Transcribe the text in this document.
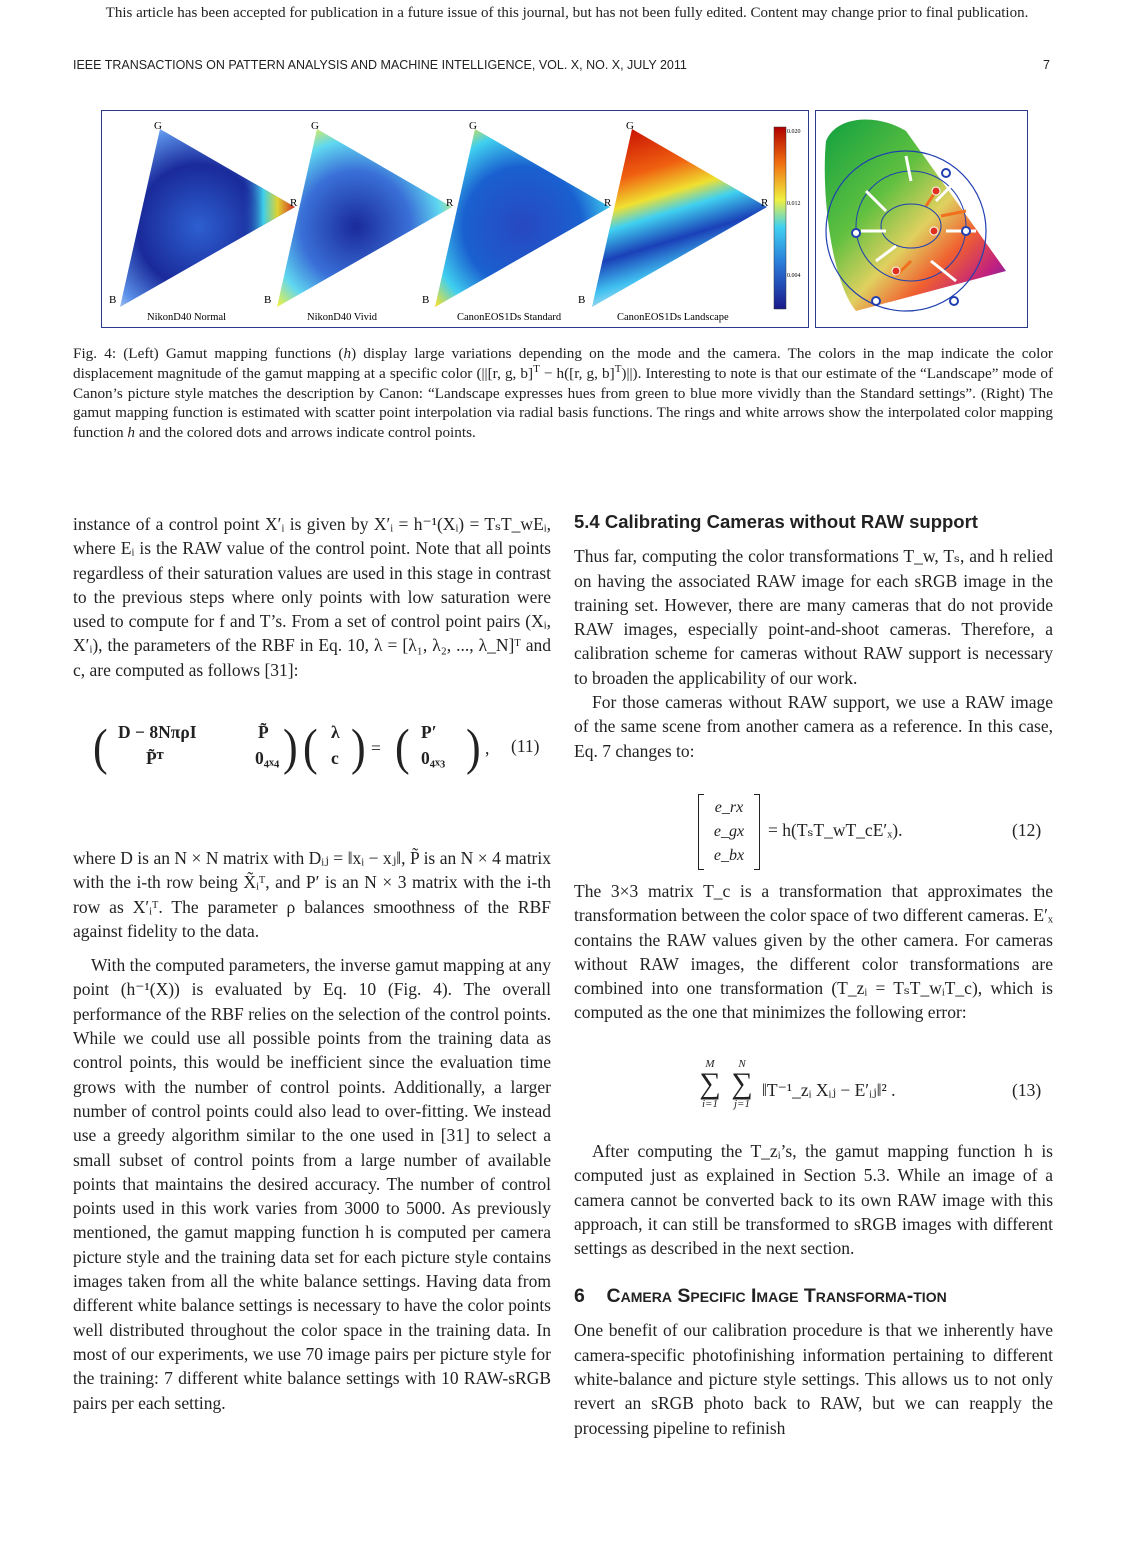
This article has been accepted for publication in a future issue of this journal, but has not been fully edited. Content may change prior to final publication.
IEEE TRANSACTIONS ON PATTERN ANALYSIS AND MACHINE INTELLIGENCE, VOL. X, NO. X, JULY 2011	7
G
R
B
NikonD40 Normal
G
R
B
NikonD40 Vivid
G
R
B
CanonEOS1Ds Standard
G
R
B
CanonEOS1Ds Landscape
0.020
0.012
0.004
Fig. 4: (Left) Gamut mapping functions (h) display large variations depending on the mode and the camera. The colors in the map indicate the color displacement magnitude of the gamut mapping at a specific color (||[r, g, b]$^T$ − h([r, g, b]$^T$)||). Interesting to note is that our estimate of the “Landscape” mode of Canon’s picture style matches the description by Canon: “Landscape expresses hues from green to blue more vividly than the Standard settings”. (Right) The gamut mapping function is estimated with scatter point interpolation via radial basis functions. The rings and white arrows show the interpolated color mapping function h and the colored dots and arrows indicate control points.

instance of a control point X′ᵢ is given by X′ᵢ = h⁻¹(Xᵢ) = TₛT_wEᵢ, where Eᵢ is the RAW value of the control point. Note that all points regardless of their saturation values are used in this stage in contrast to the previous steps where only points with low saturation were used to compute for f and T’s. From a set of control point pairs (Xᵢ, X′ᵢ), the parameters of the RBF in Eq. 10, λ = [λ₁, λ₂, ..., λ_N]ᵀ and c, are computed as follows [31]:

( D − 8NπρI	P̃
P̃ᵀ	0₄ₓ₄ ) ( λ
c ) = ( P′
0₄ₓ₃ ) , (11)

where D is an N × N matrix with Dᵢⱼ = ‖xᵢ − xⱼ‖, P̃ is an N × 4 matrix with the i-th row being X̃ᵢᵀ, and P′ is an N × 3 matrix with the i-th row as X′ᵢᵀ. The parameter ρ balances smoothness of the RBF against fidelity to the data.

With the computed parameters, the inverse gamut mapping at any point (h⁻¹(X)) is evaluated by Eq. 10 (Fig. 4). The overall performance of the RBF relies on the selection of the control points. While we could use all possible points from the training data as control points, this would be inefficient since the evaluation time grows with the number of control points. Additionally, a larger number of control points could also lead to over-fitting. We instead use a greedy algorithm similar to the one used in [31] to select a small subset of control points from a large number of available points that maintains the desired accuracy. The number of control points used in this work varies from 3000 to 5000. As previously mentioned, the gamut mapping function h is computed per camera picture style and the training data set for each picture style contains images taken from all the white balance settings. Having data from different white balance settings is necessary to have the color points well distributed throughout the color space in the training data. In most of our experiments, we use 70 image pairs per picture style for the training: 7 different white balance settings with 10 RAW-sRGB pairs per each setting.

5.4 Calibrating Cameras without RAW support

Thus far, computing the color transformations T_w, Tₛ, and h relied on having the associated RAW image for each sRGB image in the training set. However, there are many cameras that do not provide RAW images, especially point-and-shoot cameras. Therefore, a calibration scheme for cameras without RAW support is necessary to broaden the applicability of our work.

For those cameras without RAW support, we use a RAW image of the same scene from another camera as a reference. In this case, Eq. 7 changes to:

e_rx
e_gx
e_bx
= h(TₛT_wT_cE′ₓ).	(12)

The 3×3 matrix T_c is a transformation that approximates the transformation between the color space of two different cameras. E′ₓ contains the RAW values given by the other camera. For cameras without RAW images, the different color transformations are combined into one transformation (T_zᵢ = TₛT_wᵢT_c), which is computed as the one that minimizes the following error:

M
∑
i=1
N
∑
j=1
‖T⁻¹_zᵢ Xᵢⱼ − E′ᵢⱼ‖² .	(13)

After computing the T_zᵢ’s, the gamut mapping function h is computed just as explained in Section 5.3. While an image of a camera cannot be converted back to its own RAW image with this approach, it can still be transformed to sRGB images with different settings as described in the next section.

6 Camera Specific Image Transforma-tion

One benefit of our calibration procedure is that we inherently have camera-specific photofinishing information pertaining to different white-balance and picture style settings. This allows us to not only revert an sRGB photo back to RAW, but we can reapply the processing pipeline to refinish
